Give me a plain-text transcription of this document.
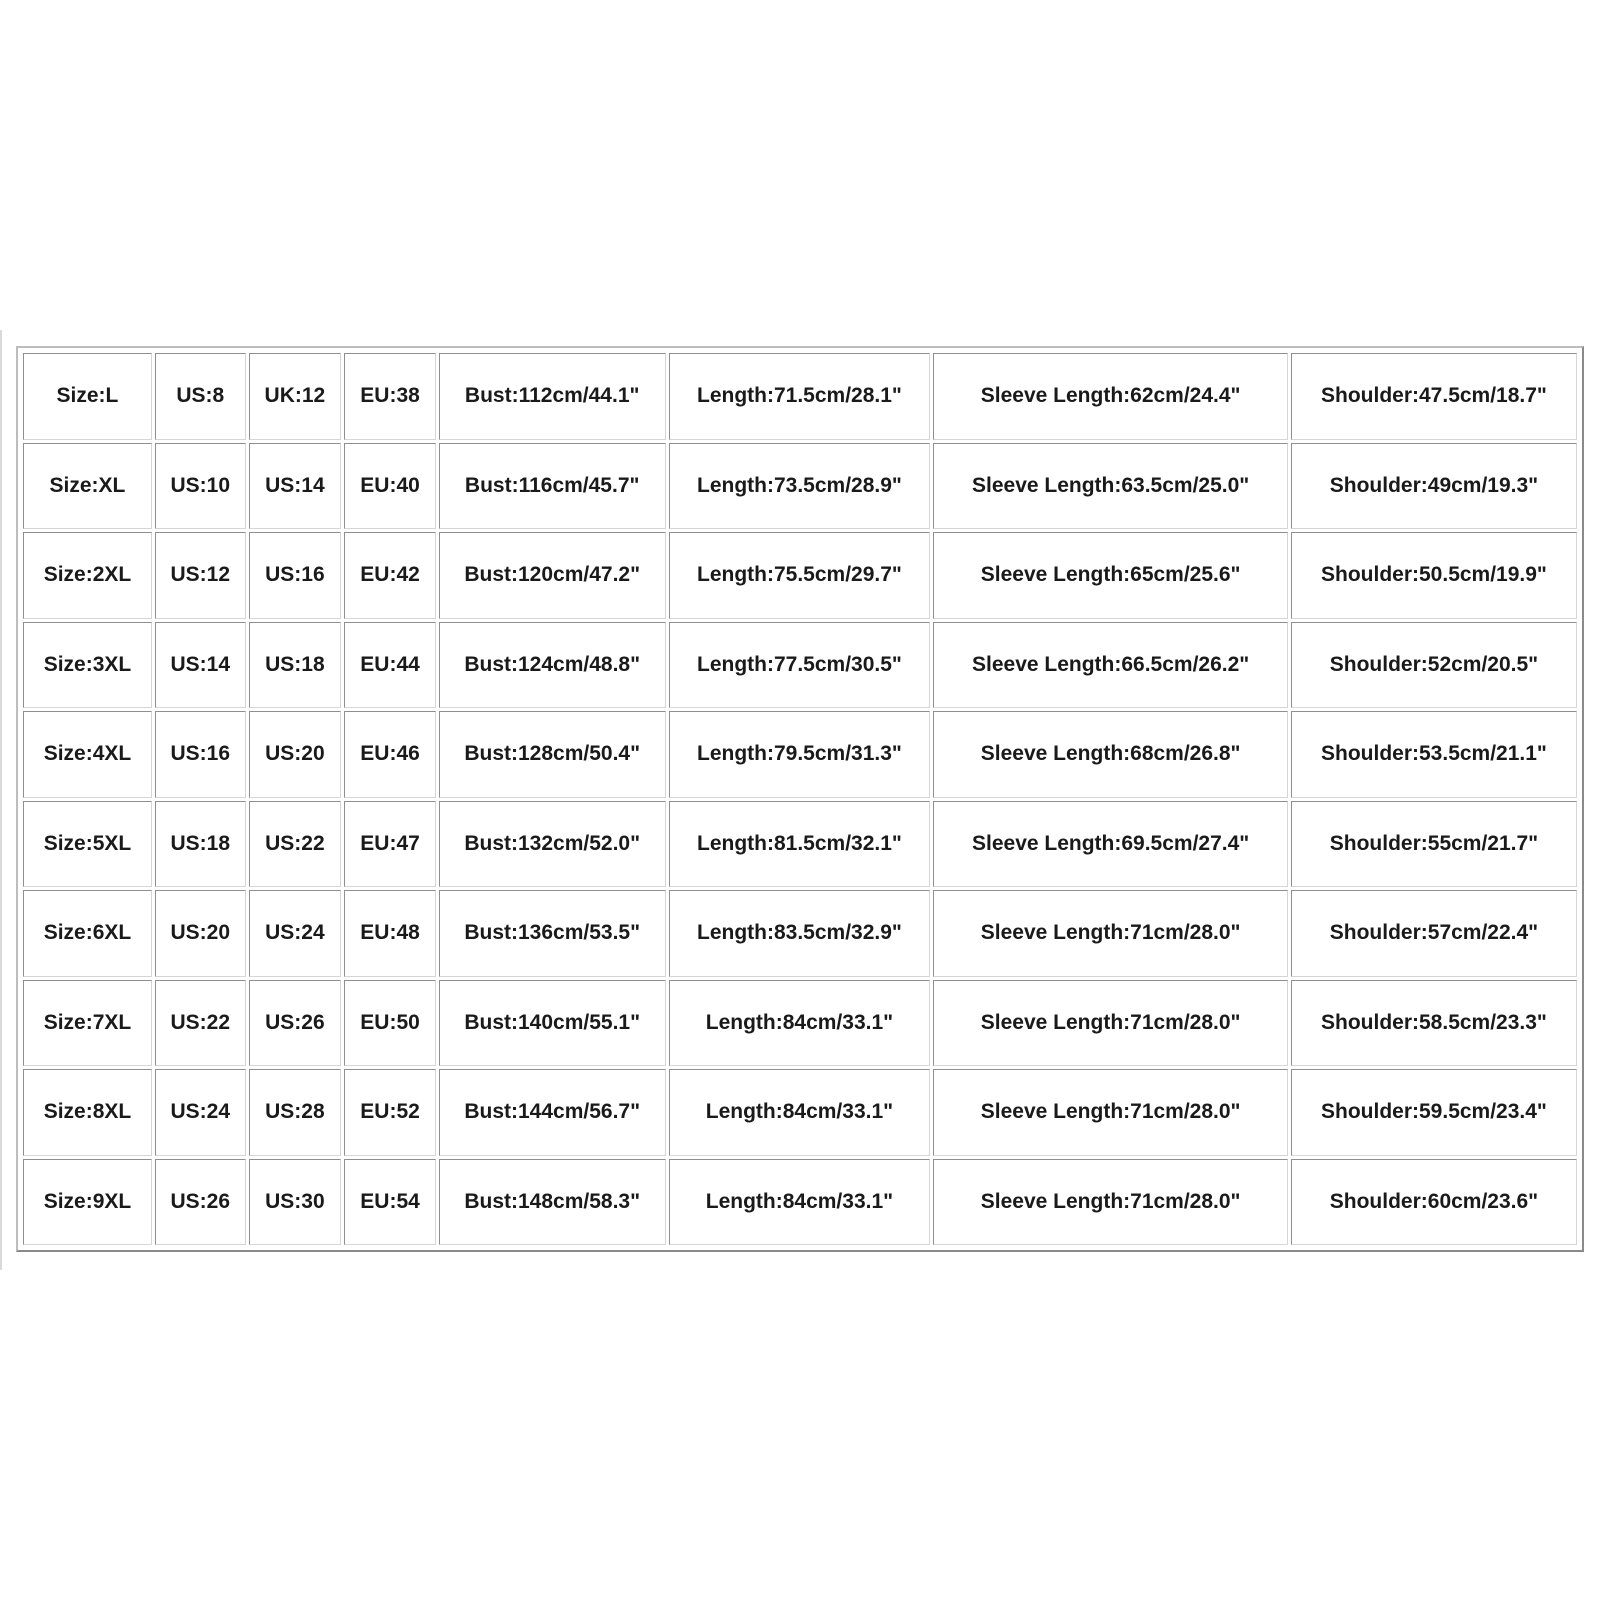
Size:L	US:8	UK:12	EU:38	Bust:112cm/44.1"	Length:71.5cm/28.1"	Sleeve Length:62cm/24.4"	Shoulder:47.5cm/18.7"
Size:XL	US:10	US:14	EU:40	Bust:116cm/45.7"	Length:73.5cm/28.9"	Sleeve Length:63.5cm/25.0"	Shoulder:49cm/19.3"
Size:2XL	US:12	US:16	EU:42	Bust:120cm/47.2"	Length:75.5cm/29.7"	Sleeve Length:65cm/25.6"	Shoulder:50.5cm/19.9"
Size:3XL	US:14	US:18	EU:44	Bust:124cm/48.8"	Length:77.5cm/30.5"	Sleeve Length:66.5cm/26.2"	Shoulder:52cm/20.5"
Size:4XL	US:16	US:20	EU:46	Bust:128cm/50.4"	Length:79.5cm/31.3"	Sleeve Length:68cm/26.8"	Shoulder:53.5cm/21.1"
Size:5XL	US:18	US:22	EU:47	Bust:132cm/52.0"	Length:81.5cm/32.1"	Sleeve Length:69.5cm/27.4"	Shoulder:55cm/21.7"
Size:6XL	US:20	US:24	EU:48	Bust:136cm/53.5"	Length:83.5cm/32.9"	Sleeve Length:71cm/28.0"	Shoulder:57cm/22.4"
Size:7XL	US:22	US:26	EU:50	Bust:140cm/55.1"	Length:84cm/33.1"	Sleeve Length:71cm/28.0"	Shoulder:58.5cm/23.3"
Size:8XL	US:24	US:28	EU:52	Bust:144cm/56.7"	Length:84cm/33.1"	Sleeve Length:71cm/28.0"	Shoulder:59.5cm/23.4"
Size:9XL	US:26	US:30	EU:54	Bust:148cm/58.3"	Length:84cm/33.1"	Sleeve Length:71cm/28.0"	Shoulder:60cm/23.6"
